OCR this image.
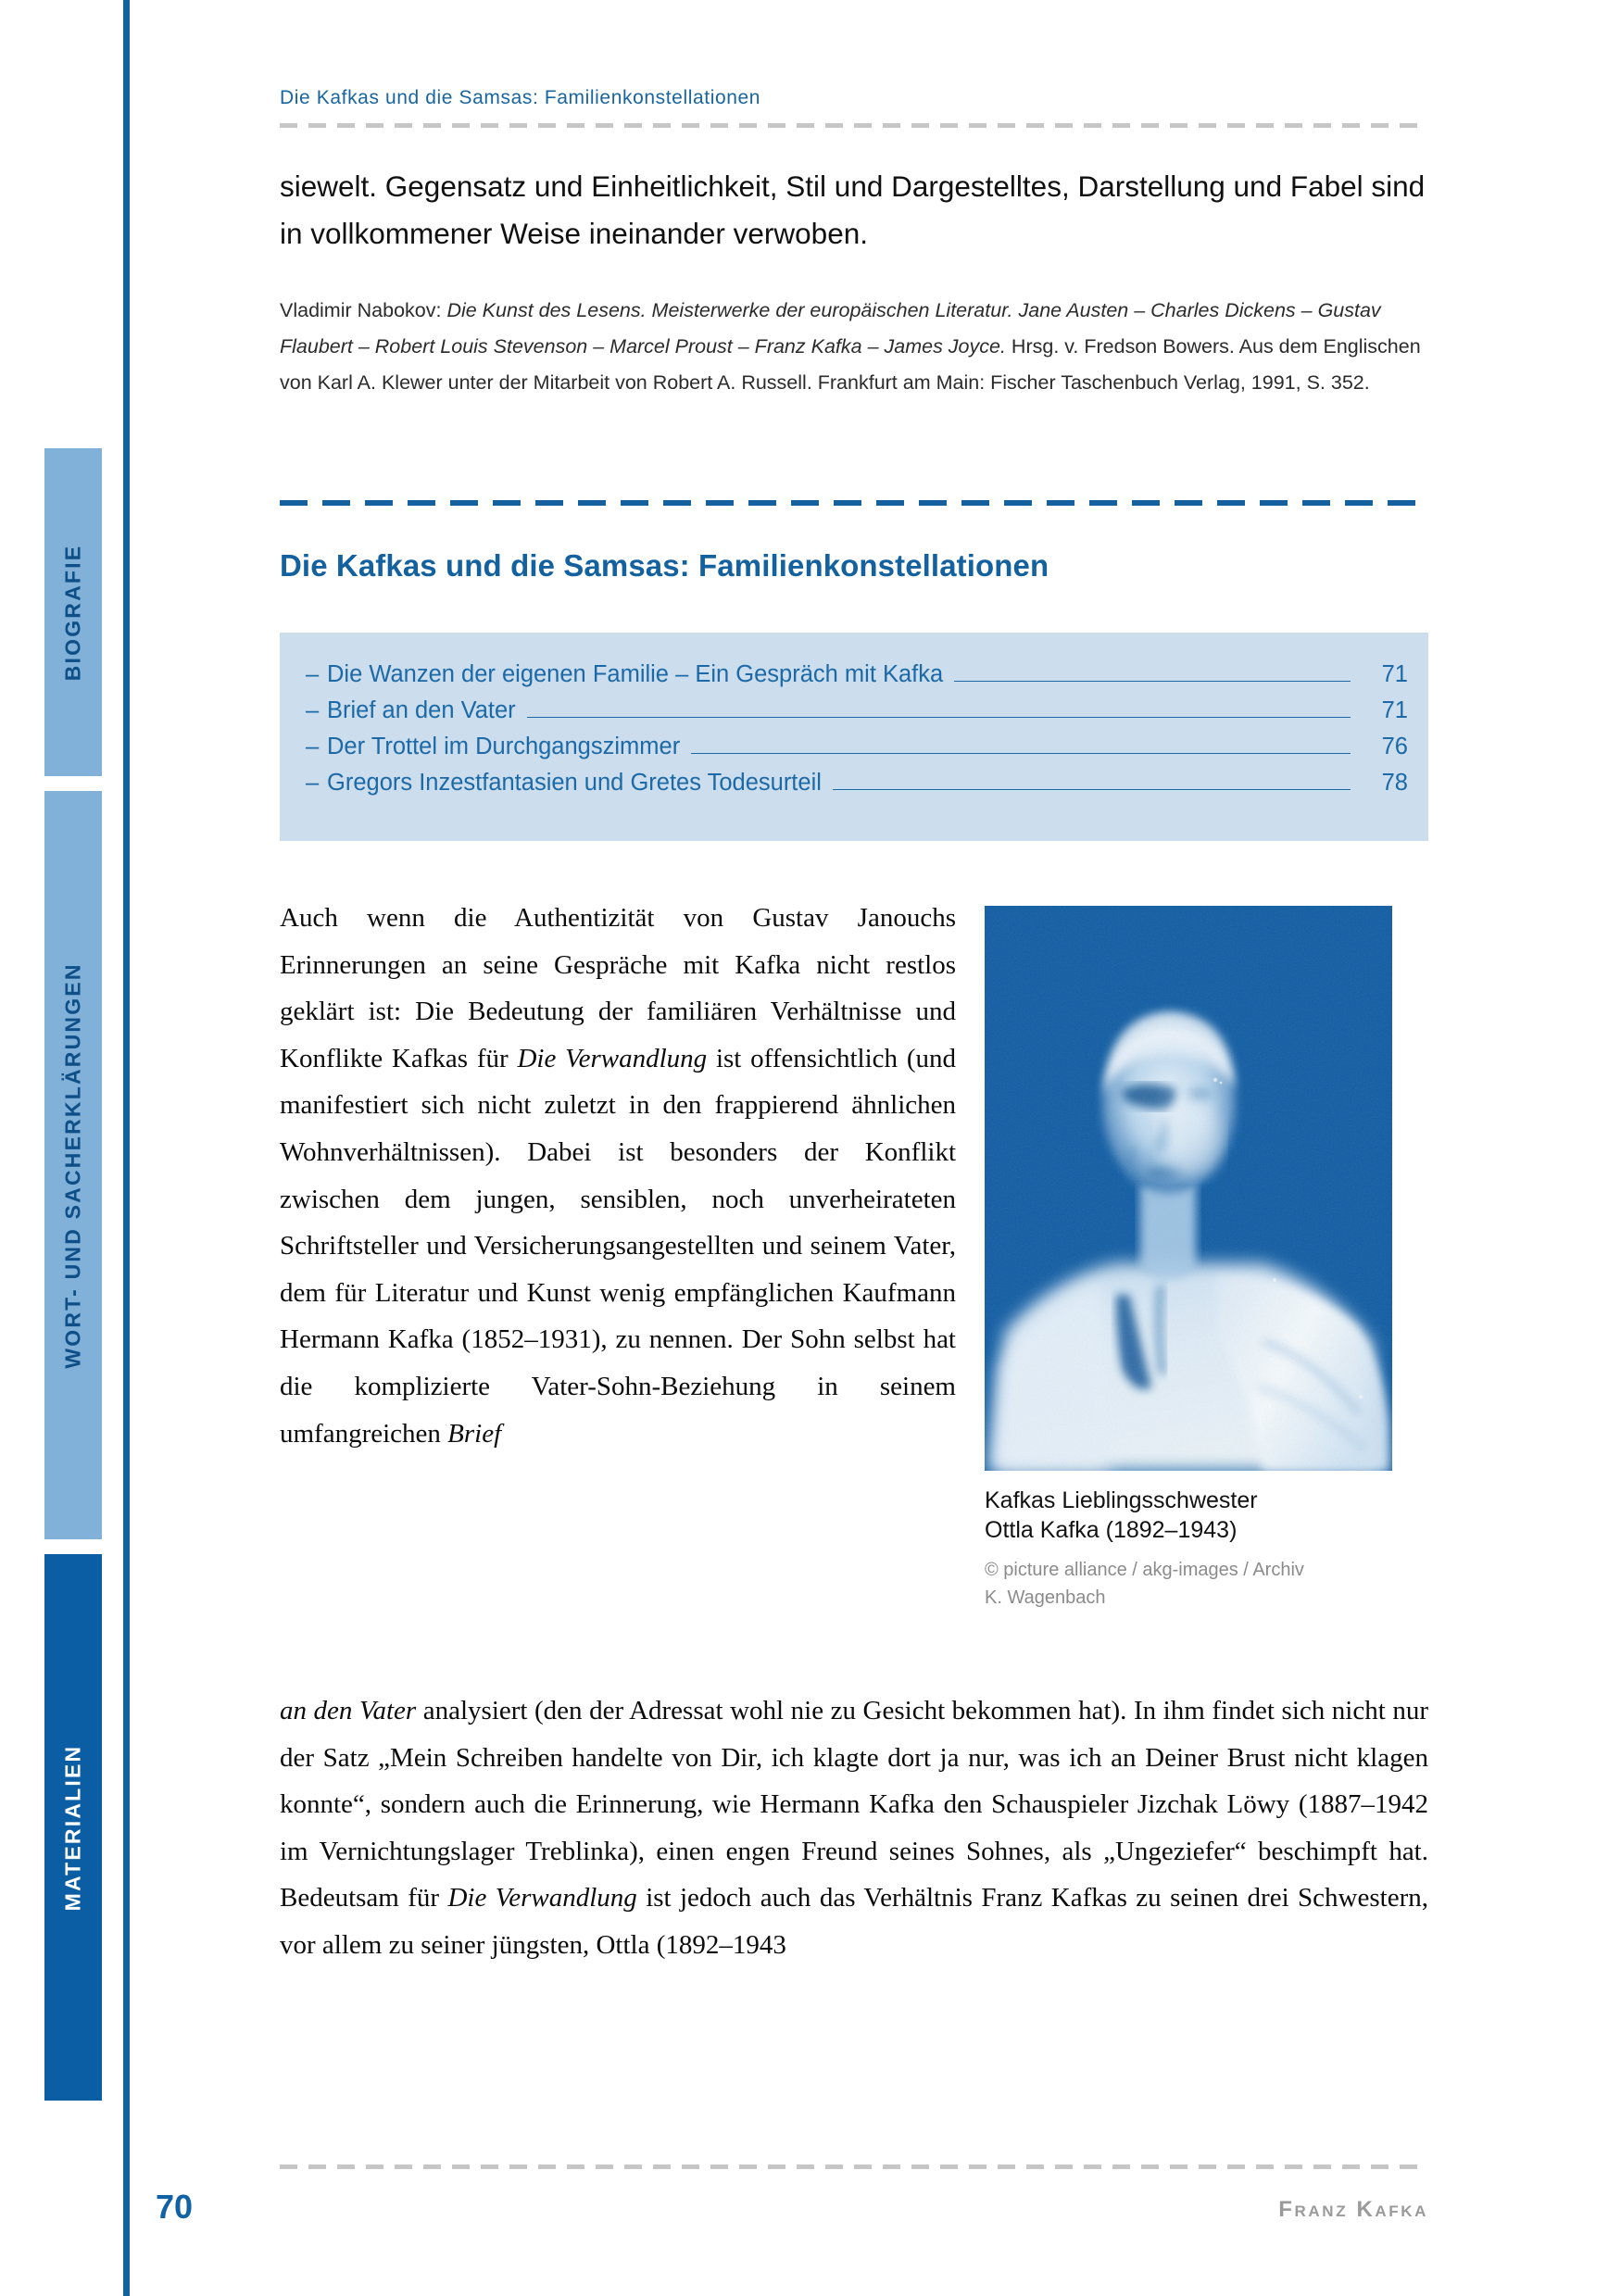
BIOGRAFIE
WORT- UND SACHERKLÄRUNGEN
MATERIALIEN
Die Kafkas und die Samsas: Familienkonstellationen
siewelt. Gegensatz und Einheitlichkeit, Stil und Dargestelltes, Darstellung und Fabel sind in vollkommener Weise ineinander verwoben.
Vladimir Nabokov: Die Kunst des Lesens. Meisterwerke der europäischen Literatur. Jane Austen – Charles Dickens – Gustav Flaubert – Robert Louis Stevenson – Marcel Proust – Franz Kafka – James Joyce. Hrsg. v. Fredson Bowers. Aus dem Englischen von Karl A. Klewer unter der Mitarbeit von Robert A. Russell. Frankfurt am Main: Fischer Taschenbuch Verlag, 1991, S. 352.
Die Kafkas und die Samsas: Familienkonstellationen
– Die Wanzen der eigenen Familie – Ein Gespräch mit Kafka	71
– Brief an den Vater	71
– Der Trottel im Durchgangszimmer	76
– Gregors Inzestfantasien und Gretes Todesurteil	78
Auch wenn die Authentizität von Gustav Janouchs Erinnerungen an seine Gespräche mit Kafka nicht restlos geklärt ist: Die Bedeutung der familiären Verhältnisse und Konflikte Kafkas für Die Verwandlung ist offensichtlich (und manifestiert sich nicht zuletzt in den frappierend ähnlichen Wohnverhältnissen). Dabei ist besonders der Konflikt zwischen dem jungen, sensiblen, noch unverheirateten Schriftsteller und Versicherungsangestellten und seinem Vater, dem für Literatur und Kunst wenig empfänglichen Kaufmann Hermann Kafka (1852–1931), zu nennen. Der Sohn selbst hat die komplizierte Vater-Sohn-Beziehung in seinem umfangreichen Brief
Kafkas Lieblingsschwester
Ottla Kafka (1892–1943)
© picture alliance / akg-images / Archiv
K. Wagenbach
an den Vater analysiert (den der Adressat wohl nie zu Gesicht bekommen hat). In ihm findet sich nicht nur der Satz „Mein Schreiben handelte von Dir, ich klagte dort ja nur, was ich an Deiner Brust nicht klagen konnte“, sondern auch die Erinnerung, wie Hermann Kafka den Schauspieler Jizchak Löwy (1887–1942 im Vernichtungslager Treblinka), einen engen Freund seines Sohnes, als „Ungeziefer“ beschimpft hat. Bedeutsam für Die Verwandlung ist jedoch auch das Verhältnis Franz Kafkas zu seinen drei Schwestern, vor allem zu seiner jüngsten, Ottla (1892–1943
70	Franz Kafka
